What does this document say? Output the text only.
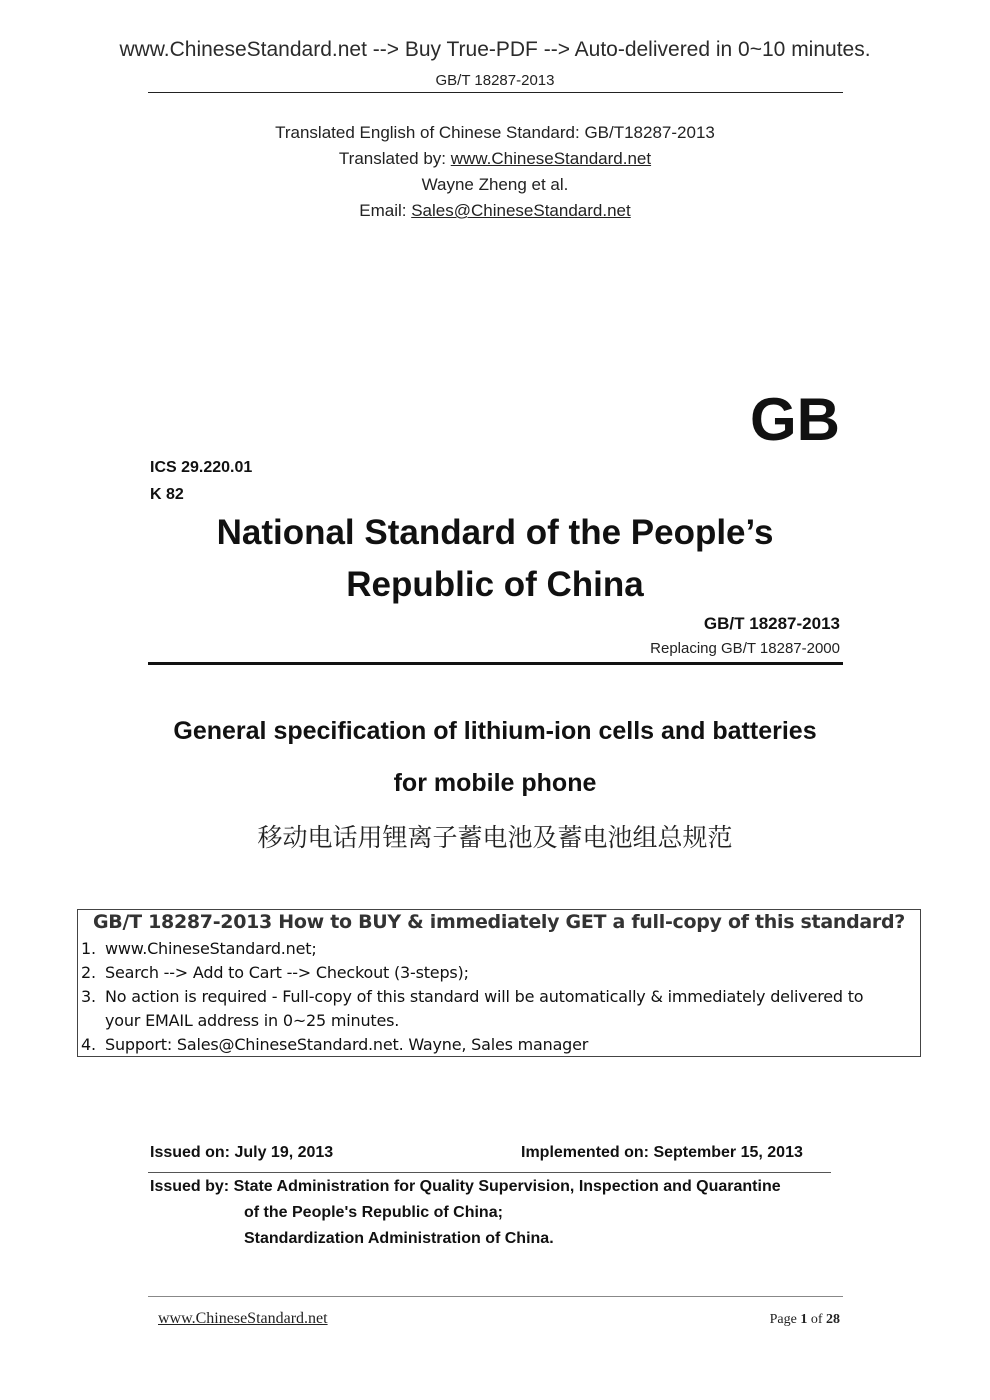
www.ChineseStandard.net --> Buy True-PDF --> Auto-delivered in 0~10 minutes.
GB/T 18287-2013
Translated English of Chinese Standard: GB/T18287-2013
Translated by: www.ChineseStandard.net
Wayne Zheng et al.
Email: Sales@ChineseStandard.net
GB
ICS 29.220.01
K 82
National Standard of the People’s
Republic of China
GB/T 18287-2013
Replacing GB/T 18287-2000
General specification of lithium-ion cells and batteries
for mobile phone
移动电话用锂离子蓄电池及蓄电池组总规范
GB/T 18287-2013 How to BUY & immediately GET a full-copy of this standard?
1. www.ChineseStandard.net;
2. Search --> Add to Cart --> Checkout (3-steps);
3. No action is required - Full-copy of this standard will be automatically & immediately delivered to
your EMAIL address in 0~25 minutes.
4. Support: Sales@ChineseStandard.net. Wayne, Sales manager
Issued on: July 19, 2013	Implemented on: September 15, 2013
Issued by: State Administration for Quality Supervision, Inspection and Quarantine
of the People's Republic of China;
Standardization Administration of China.
www.ChineseStandard.net	Page 1 of 28
